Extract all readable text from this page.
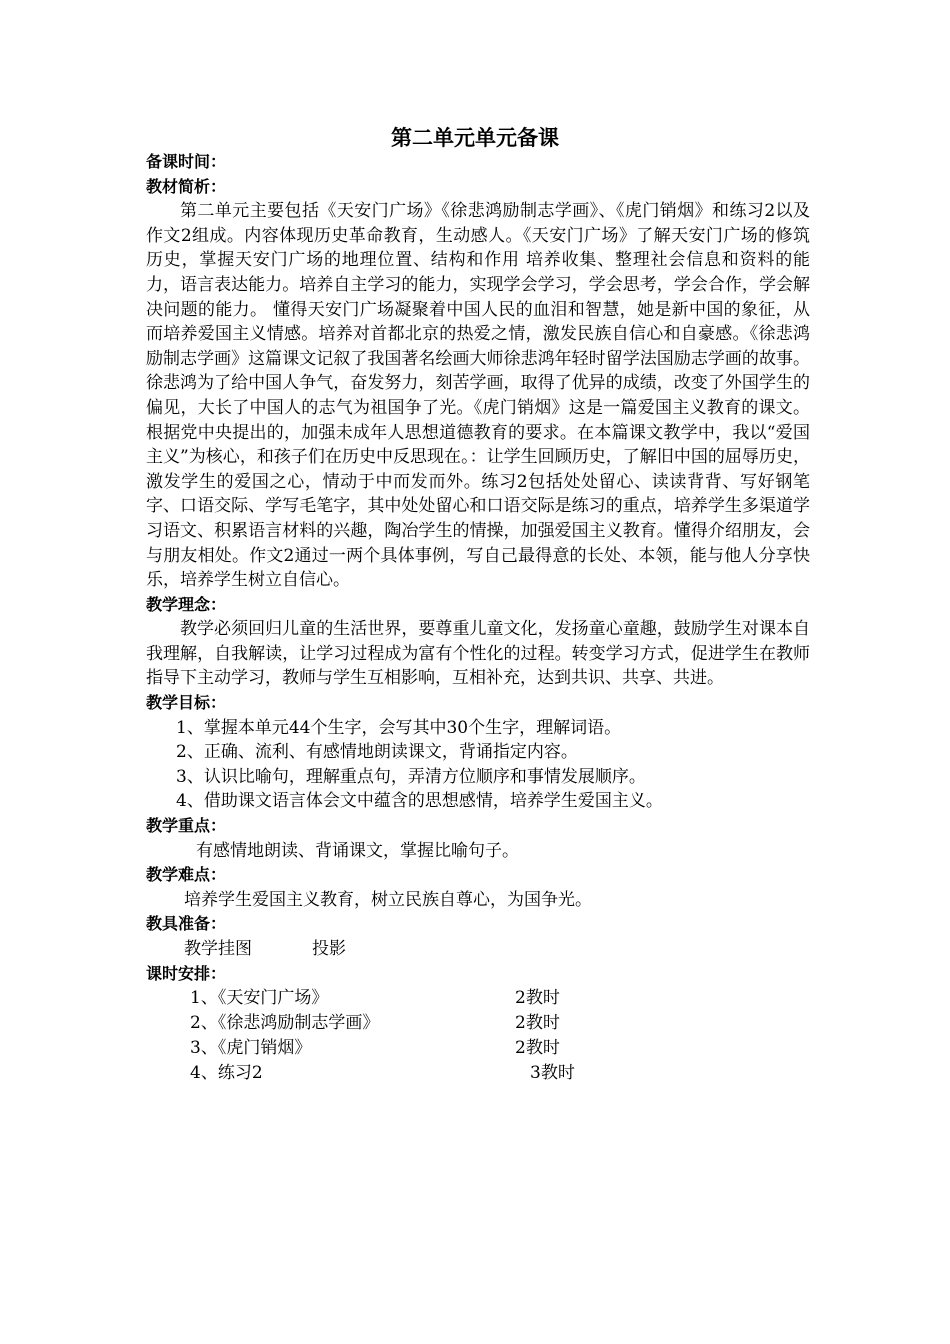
第二单元单元备课
备课时间：
教材简析：

第二单元主要包括《天安门广场》《徐悲鸿励制志学画》、《虎门销烟》和练习2以及作文2组成。内容体现历史革命教育，生动感人。《天安门广场》了解天安门广场的修筑历史，掌握天安门广场的地理位置、结构和作用 培养收集、整理社会信息和资料的能力，语言表达能力。培养自主学习的能力，实现学会学习，学会思考，学会合作，学会解决问题的能力。 懂得天安门广场凝聚着中国人民的血泪和智慧，她是新中国的象征，从而培养爱国主义情感。培养对首都北京的热爱之情，激发民族自信心和自豪感。《徐悲鸿励制志学画》这篇课文记叙了我国著名绘画大师徐悲鸿年轻时留学法国励志学画的故事。徐悲鸿为了给中国人争气，奋发努力，刻苦学画，取得了优异的成绩，改变了外国学生的偏见，大长了中国人的志气为祖国争了光。《虎门销烟》这是一篇爱国主义教育的课文。根据党中央提出的，加强未成年人思想道德教育的要求。在本篇课文教学中，我以“爱国主义”为核心，和孩子们在历史中反思现在。：让学生回顾历史，了解旧中国的屈辱历史，激发学生的爱国之心，情动于中而发而外。练习2包括处处留心、读读背背、写好钢笔字、口语交际、学写毛笔字，其中处处留心和口语交际是练习的重点，培养学生多渠道学习语文、积累语言材料的兴趣，陶冶学生的情操，加强爱国主义教育。懂得介绍朋友，会与朋友相处。作文2通过一两个具体事例，写自己最得意的长处、本领，能与他人分享快乐，培养学生树立自信心。

教学理念：

教学必须回归儿童的生活世界，要尊重儿童文化，发扬童心童趣，鼓励学生对课本自我理解，自我解读，让学习过程成为富有个性化的过程。转变学习方式，促进学生在教师指导下主动学习，教师与学生互相影响，互相补充，达到共识、共享、共进。

教学目标：

1、掌握本单元44个生字，会写其中30个生字，理解词语。

2、正确、流利、有感情地朗读课文，背诵指定内容。

3、认识比喻句，理解重点句，弄清方位顺序和事情发展顺序。

4、借助课文语言体会文中蕴含的思想感情，培养学生爱国主义。

教学重点：

有感情地朗读、背诵课文，掌握比喻句子。

教学难点：

培养学生爱国主义教育，树立民族自尊心，为国争光。

教具准备：

教学挂图	投影

课时安排：
1、《天安门广场》	2教时
2、《徐悲鸿励制志学画》	2教时
3、《虎门销烟》	2教时
4、练习2	3教时
